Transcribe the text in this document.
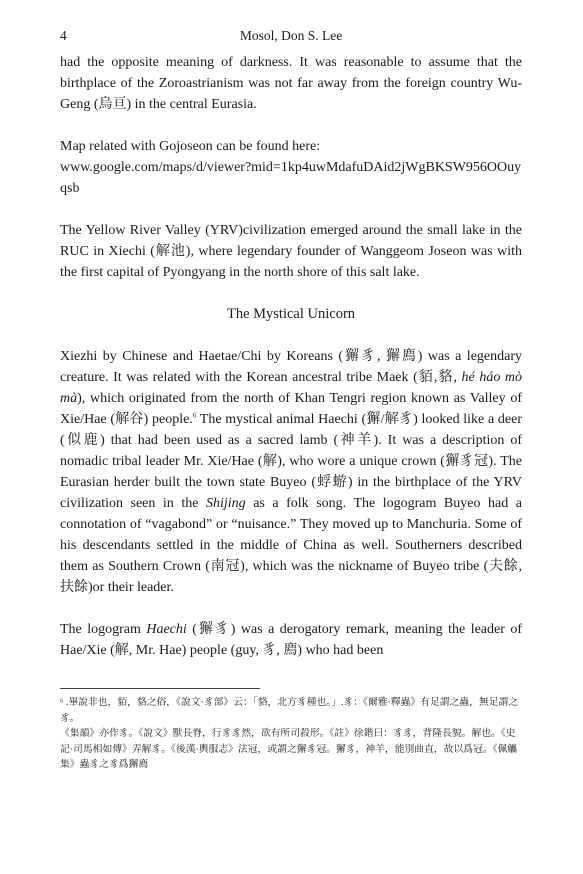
4	Mosol, Don S. Lee

had the opposite meaning of darkness. It was reasonable to assume that the birthplace of the Zoroastrianism was not far away from the foreign country Wu-Geng (烏亘) in the central Eurasia.

Map related with Gojoseon can be found here:

www.google.com/maps/d/viewer?mid=1kp4uwMdafuDAid2jWgBKSW956OOuyqsb

The Yellow River Valley (YRV)civilization emerged around the small lake in the RUC in Xiechi (解池), where legendary founder of Wanggeom Joseon was with the first capital of Pyongyang in the north shore of this salt lake.

The Mystical Unicorn

Xiezhi by Chinese and Haetae/Chi by Koreans (獬豸, 獬廌) was a legendary creature. It was related with the Korean ancestral tribe Maek (貊,貉, hé háo mò mà), which originated from the north of Khan Tengri region known as Valley of Xie/Hae (解谷) people.$^6$ The mystical animal Haechi (獬/解豸) looked like a deer (似鹿) that had been used as a sacred lamb (神羊). It was a description of nomadic tribal leader Mr. Xie/Hae (解), who wore a unique crown (獬豸冠). The Eurasian herder built the town state Buyeo (蜉蝣) in the birthplace of the YRV civilization seen in the Shijing as a folk song. The logogram Buyeo had a connotation of “vagabond” or “nuisance.” They moved up to Manchuria. Some of his descendants settled in the middle of China as well. Southerners described them as Southern Crown (南冠), which was the nickname of Buyeo tribe (夫餘,扶餘)or their leader.

The logogram Haechi (獬豸) was a derogatory remark, meaning the leader of Hae/Xie (解, Mr. Hae) people (guy, 豸, 廌) who had been

⁶ .畢說非也，貊，貉之俗，《說文·豸部》云：「貉，北方豸種也。」.豸：《爾雅·釋蟲》有足謂之蟲，無足謂之豸。

《集韻》亦作豸。《說文》獸長脊，行豸豸然，欲有所司殺形。《註》徐鍇曰：豸豸，背隆長貌。解也。《史記·司馬相如傳》弄解豸。《後漢·輿服志》法冠，或謂之獬豸冠。獬豸，神羊，能別曲直，故以爲冠。《佩觿集》蟲豸之豸爲獬廌
